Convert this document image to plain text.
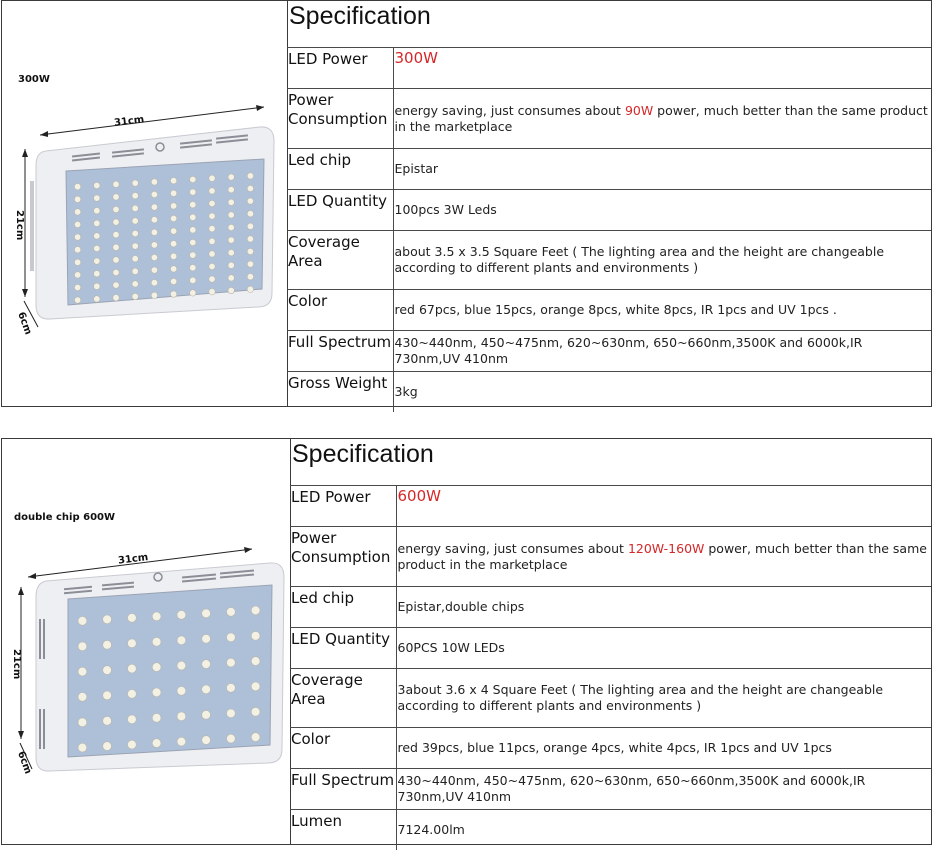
300W
31cm
21cm
6cm
Specification	
LED Power	300W
Power Consumption	energy saving, just consumes about 90W power, much better than the same product in the marketplace
Led chip	Epistar
LED Quantity	100pcs 3W Leds
Coverage Area	about 3.5 x 3.5 Square Feet ( The lighting area and the height are changeable according to different plants and environments )
Color	red 67pcs, blue 15pcs, orange 8pcs, white 8pcs, IR 1pcs and UV 1pcs .
Full Spectrum	430~440nm, 450~475nm, 620~630nm, 650~660nm,3500K and 6000k,IR 730nm,UV 410nm
Gross Weight	3kg
double chip 600W
31cm
21cm
6cm
Specification	
LED Power	600W
Power Consumption	energy saving, just consumes about 120W-160W power, much better than the same product in the marketplace
Led chip	Epistar,double chips
LED Quantity	60PCS 10W LEDs
Coverage Area	3about 3.6 x 4 Square Feet ( The lighting area and the height are changeable according to different plants and environments )
Color	red 39pcs, blue 11pcs, orange 4pcs, white 4pcs, IR 1pcs and UV 1pcs
Full Spectrum	430~440nm, 450~475nm, 620~630nm, 650~660nm,3500K and 6000k,IR 730nm,UV 410nm
Lumen	7124.00lm
